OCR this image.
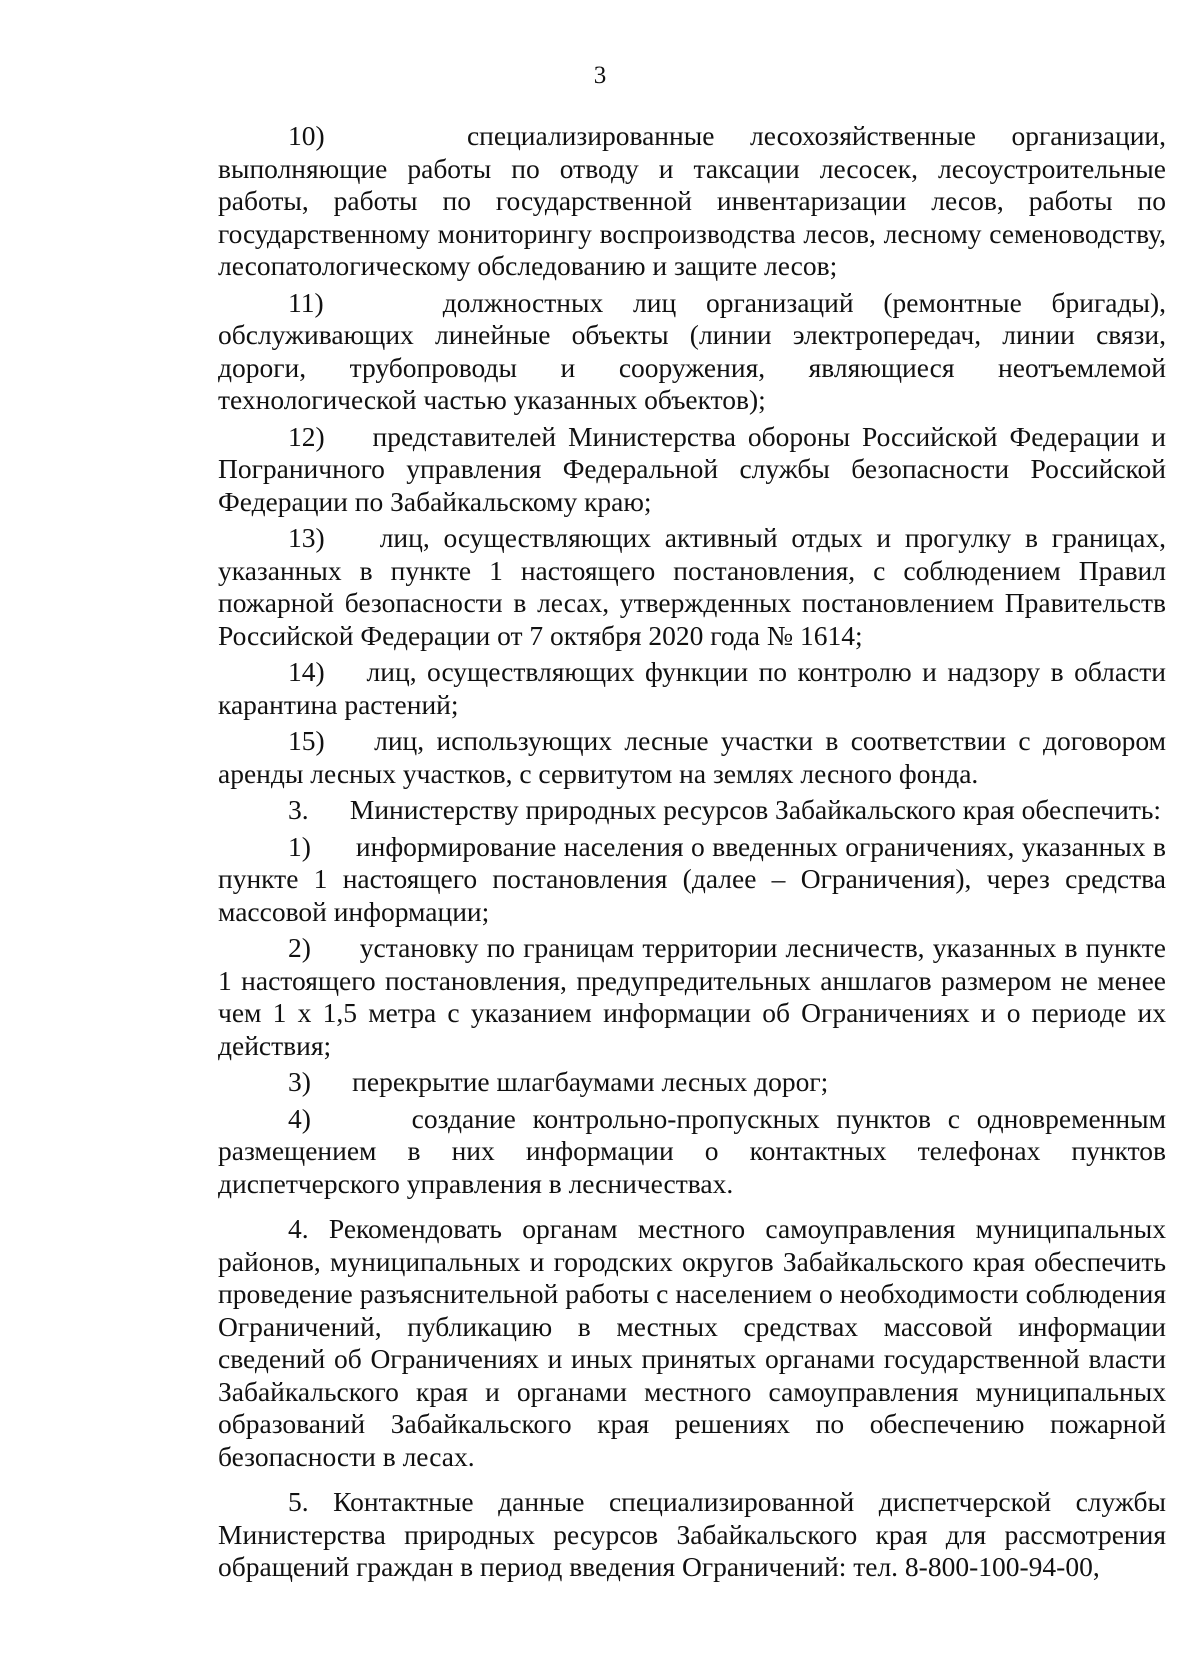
3

10)	специализированные лесохозяйственные организации, выполняющие работы по отводу и таксации лесосек, лесоустроительные работы, работы по государственной инвентаризации лесов, работы по государственному мониторингу воспроизводства лесов, лесному семеноводству, лесопатологическому обследованию и защите лесов;

11)	должностных лиц организаций (ремонтные бригады), обслуживающих линейные объекты (линии электропередач, линии связи, дороги, трубопроводы и сооружения, являющиеся неотъемлемой технологической частью указанных объектов);

12) представителей Министерства обороны Российской Федерации и Пограничного управления Федеральной службы безопасности Российской Федерации по Забайкальскому краю;

13) лиц, осуществляющих активный отдых и прогулку в границах, указанных в пункте 1 настоящего постановления, с соблюдением Правил пожарной безопасности в лесах, утвержденных постановлением Правительств Российской Федерации от 7 октября 2020 года № 1614;

14) лиц, осуществляющих функции по контролю и надзору в области карантина растений;

15) лиц, использующих лесные участки в соответствии с договором аренды лесных участков, с сервитутом на землях лесного фонда.

3. Министерству природных ресурсов Забайкальского края обеспечить:

1) информирование населения о введенных ограничениях, указанных в пункте 1 настоящего постановления (далее – Ограничения), через средства массовой информации;

2) установку по границам территории лесничеств, указанных в пункте 1 настоящего постановления, предупредительных аншлагов размером не менее чем 1 х 1,5 метра с указанием информации об Ограничениях и о периоде их действия;

3) перекрытие шлагбаумами лесных дорог;

4)	создание контрольно-пропускных пунктов с одновременным размещением в них информации о контактных телефонах пунктов диспетчерского управления в лесничествах.

4. Рекомендовать органам местного самоуправления муниципальных районов, муниципальных и городских округов Забайкальского края обеспечить проведение разъяснительной работы с населением о необходимости соблюдения Ограничений, публикацию в местных средствах массовой информации сведений об Ограничениях и иных принятых органами государственной власти Забайкальского края и органами местного самоуправления муниципальных образований Забайкальского края решениях по обеспечению пожарной безопасности в лесах.

5. Контактные данные специализированной диспетчерской службы Министерства природных ресурсов Забайкальского края для рассмотрения обращений граждан в период введения Ограничений: тел. 8-800-100-94-00,
